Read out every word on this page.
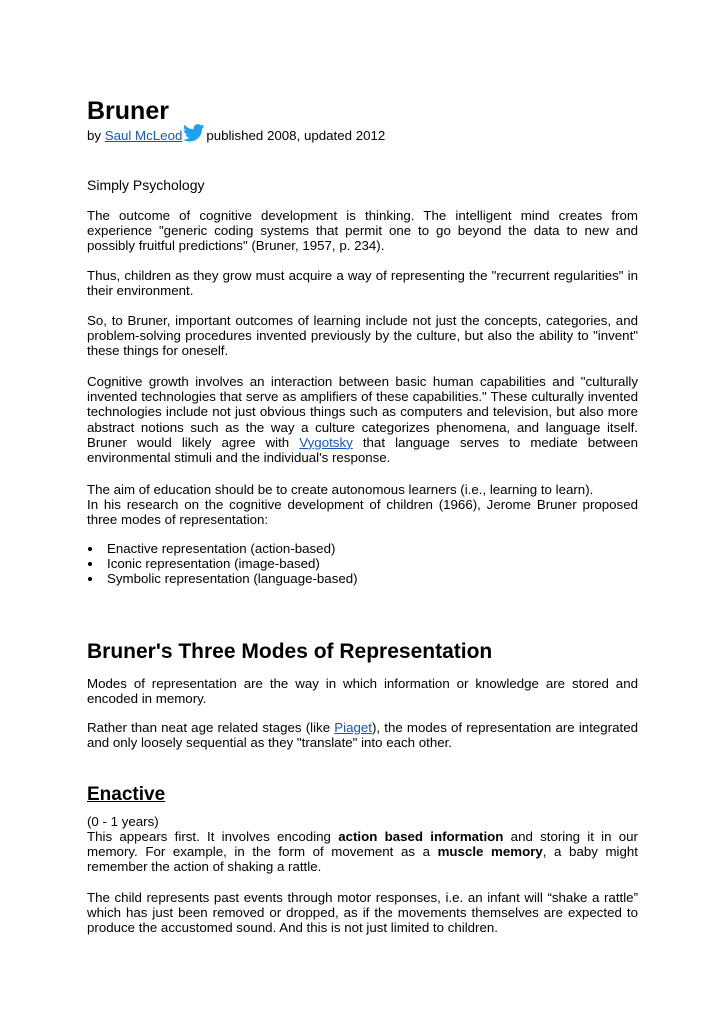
Bruner
by Saul McLeod published 2008, updated 2012
Simply Psychology

The outcome of cognitive development is thinking. The intelligent mind creates from experience "generic coding systems that permit one to go beyond the data to new and possibly fruitful predictions" (Bruner, 1957, p. 234).

Thus, children as they grow must acquire a way of representing the "recurrent regularities" in their environment.

So, to Bruner, important outcomes of learning include not just the concepts, categories, and problem-solving procedures invented previously by the culture, but also the ability to "invent" these things for oneself.

Cognitive growth involves an interaction between basic human capabilities and "culturally invented technologies that serve as amplifiers of these capabilities." These culturally invented technologies include not just obvious things such as computers and television, but also more abstract notions such as the way a culture categorizes phenomena, and language itself. Bruner would likely agree with Vygotsky that language serves to mediate between environmental stimuli and the individual's response.

The aim of education should be to create autonomous learners (i.e., learning to learn).

In his research on the cognitive development of children (1966), Jerome Bruner proposed three modes of representation:

Enactive representation (action-based)
Iconic representation (image-based)
Symbolic representation (language-based)
Bruner's Three Modes of Representation

Modes of representation are the way in which information or knowledge are stored and encoded in memory.

Rather than neat age related stages (like Piaget), the modes of representation are integrated and only loosely sequential as they "translate" into each other.

Enactive

(0 - 1 years)

This appears first. It involves encoding action based information and storing it in our memory. For example, in the form of movement as a muscle memory, a baby might remember the action of shaking a rattle.

The child represents past events through motor responses, i.e. an infant will “shake a rattle” which has just been removed or dropped, as if the movements themselves are expected to produce the accustomed sound. And this is not just limited to children.
